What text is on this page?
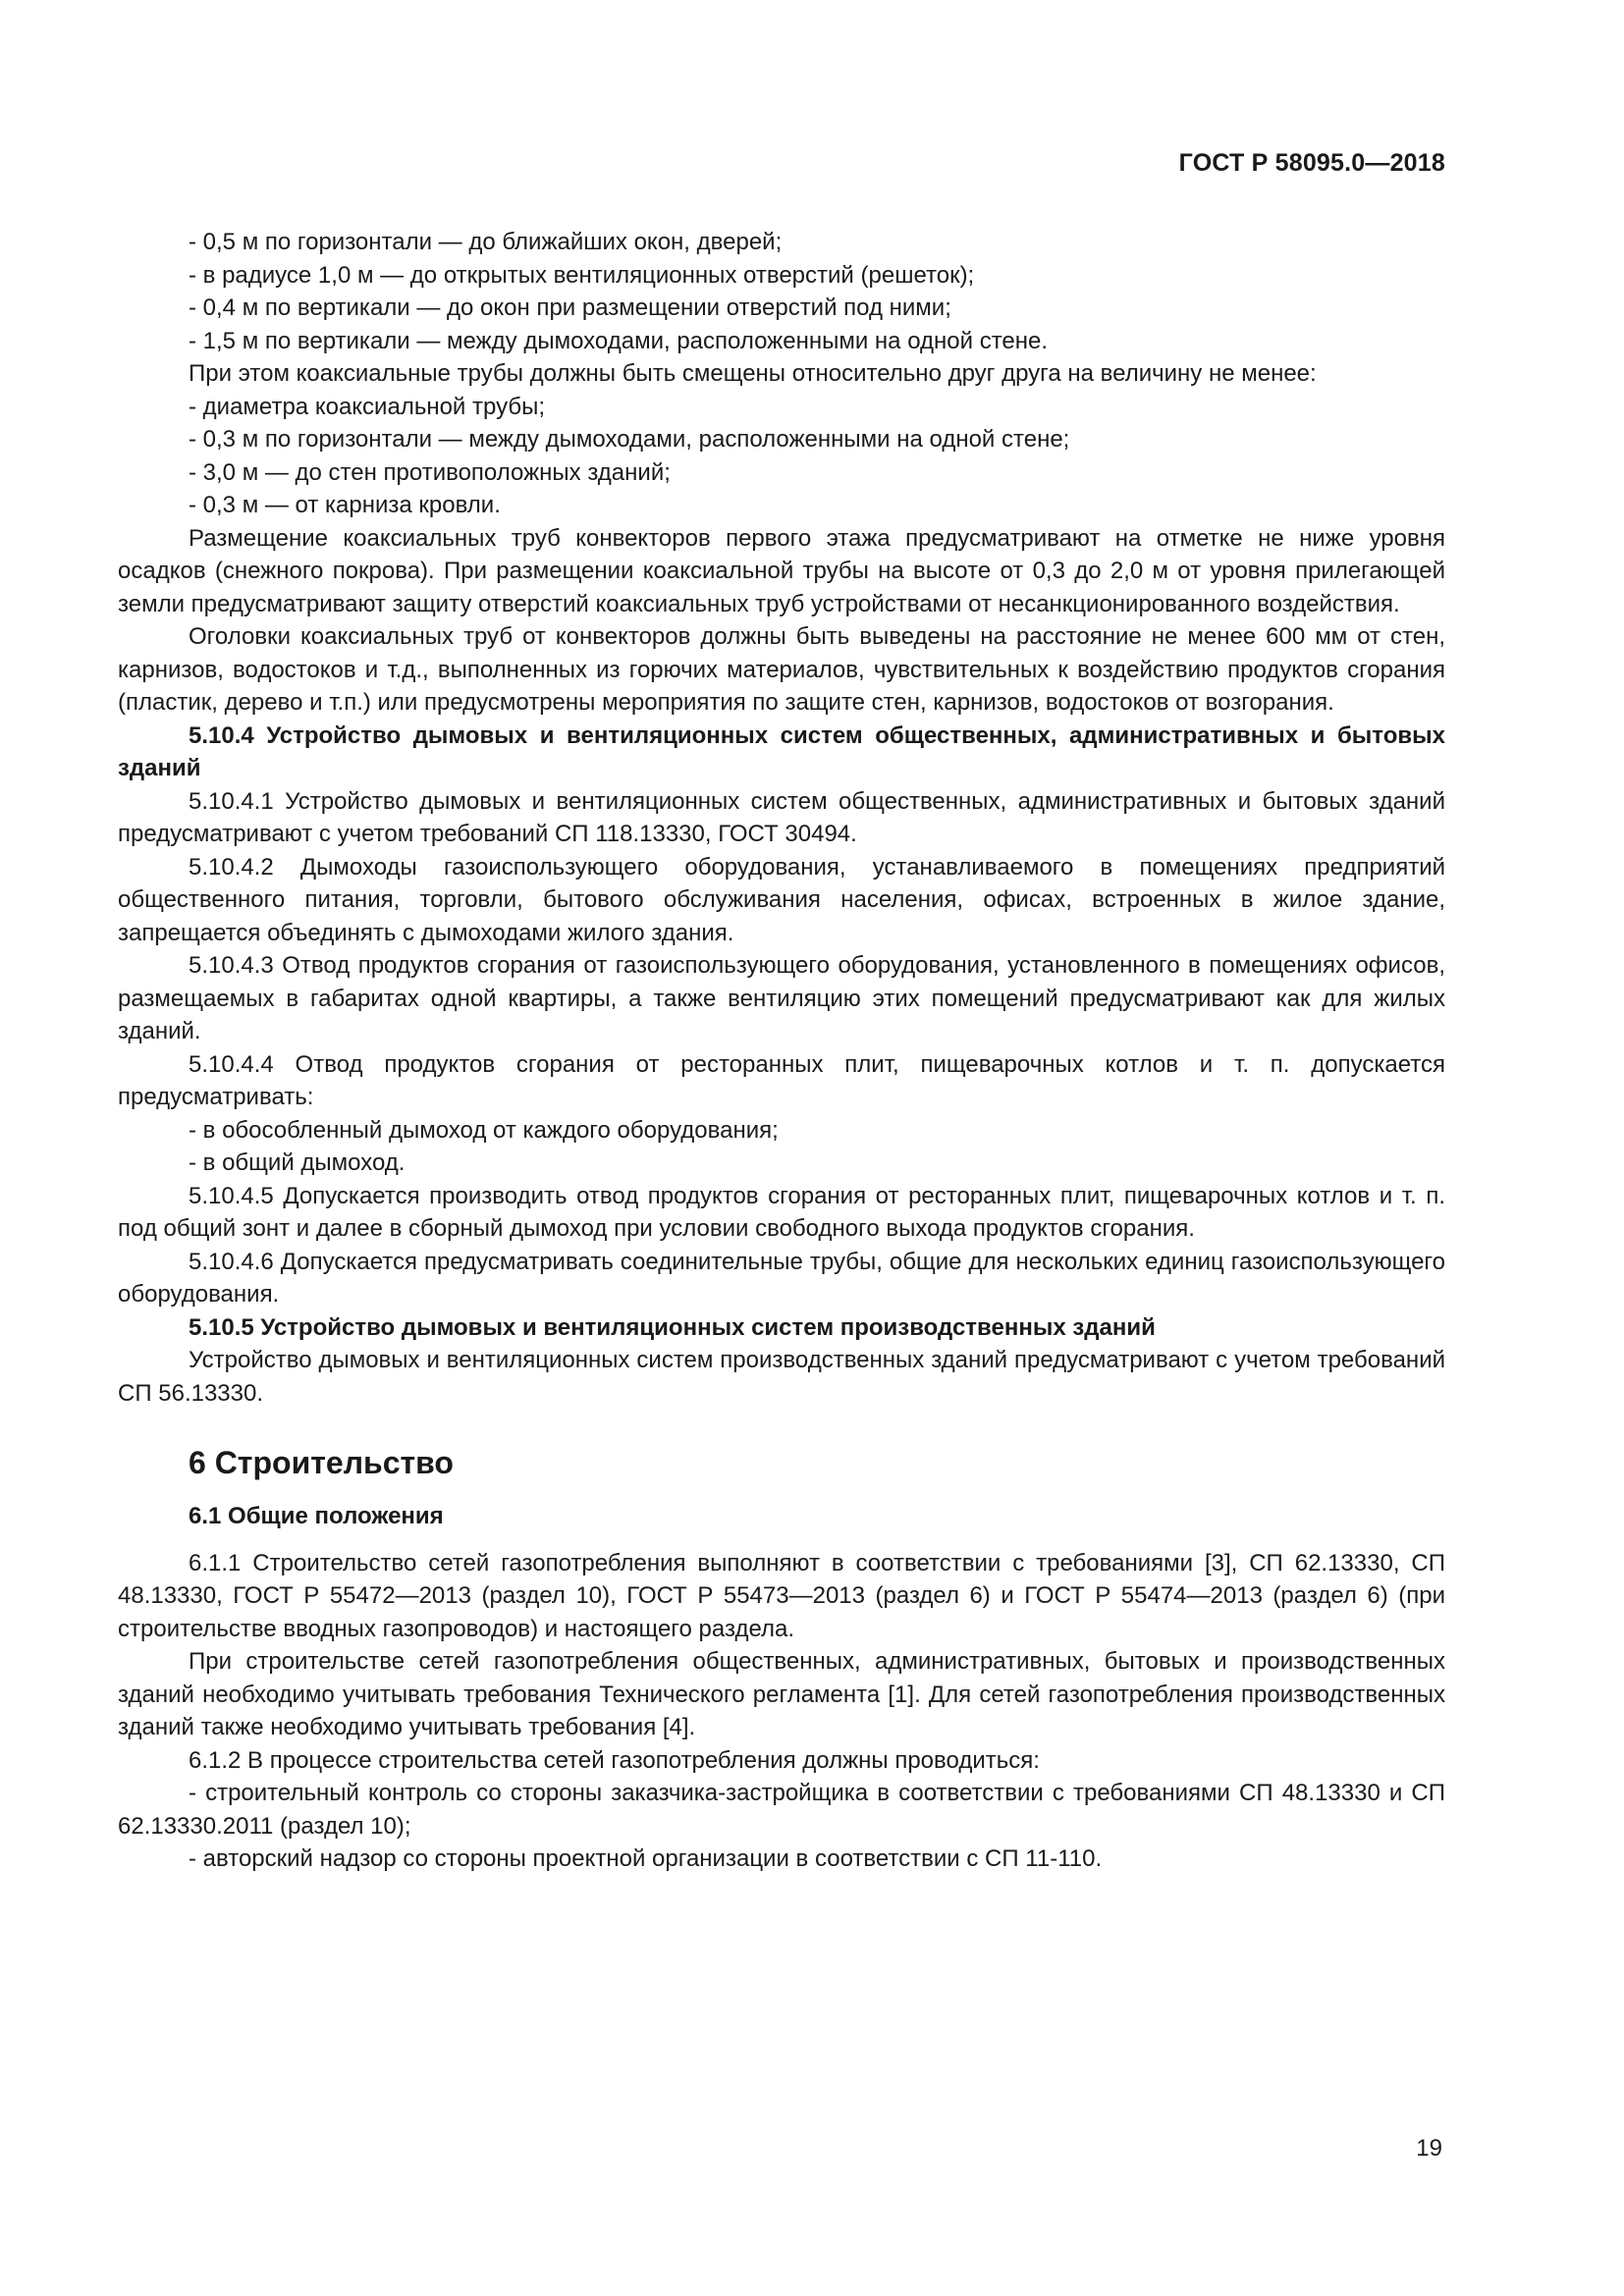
ГОСТ Р 58095.0—2018

- 0,5 м по горизонтали — до ближайших окон, дверей;

- в радиусе 1,0 м — до открытых вентиляционных отверстий (решеток);

- 0,4 м по вертикали — до окон при размещении отверстий под ними;

- 1,5 м по вертикали — между дымоходами, расположенными на одной стене.

При этом коаксиальные трубы должны быть смещены относительно друг друга на величину не менее:

- диаметра коаксиальной трубы;

- 0,3 м по горизонтали — между дымоходами, расположенными на одной стене;

- 3,0 м — до стен противоположных зданий;

- 0,3 м — от карниза кровли.

Размещение коаксиальных труб конвекторов первого этажа предусматривают на отметке не ниже уровня осадков (снежного покрова). При размещении коаксиальной трубы на высоте от 0,3 до 2,0 м от уровня прилегающей земли предусматривают защиту отверстий коаксиальных труб устройствами от несанкционированного воздействия.

Оголовки коаксиальных труб от конвекторов должны быть выведены на расстояние не менее 600 мм от стен, карнизов, водостоков и т.д., выполненных из горючих материалов, чувствительных к воздействию продуктов сгорания (пластик, дерево и т.п.) или предусмотрены мероприятия по защите стен, карнизов, водостоков от возгорания.

5.10.4 Устройство дымовых и вентиляционных систем общественных, административных и бытовых зданий

5.10.4.1 Устройство дымовых и вентиляционных систем общественных, административных и бытовых зданий предусматривают с учетом требований СП 118.13330, ГОСТ 30494.

5.10.4.2 Дымоходы газоиспользующего оборудования, устанавливаемого в помещениях предприятий общественного питания, торговли, бытового обслуживания населения, офисах, встроенных в жилое здание, запрещается объединять с дымоходами жилого здания.

5.10.4.3 Отвод продуктов сгорания от газоиспользующего оборудования, установленного в помещениях офисов, размещаемых в габаритах одной квартиры, а также вентиляцию этих помещений предусматривают как для жилых зданий.

5.10.4.4 Отвод продуктов сгорания от ресторанных плит, пищеварочных котлов и т. п. допускается предусматривать:

- в обособленный дымоход от каждого оборудования;

- в общий дымоход.

5.10.4.5 Допускается производить отвод продуктов сгорания от ресторанных плит, пищеварочных котлов и т. п. под общий зонт и далее в сборный дымоход при условии свободного выхода продуктов сгорания.

5.10.4.6 Допускается предусматривать соединительные трубы, общие для нескольких единиц газоиспользующего оборудования.

5.10.5 Устройство дымовых и вентиляционных систем производственных зданий

Устройство дымовых и вентиляционных систем производственных зданий предусматривают с учетом требований СП 56.13330.

6 Строительство
6.1 Общие положения

6.1.1 Строительство сетей газопотребления выполняют в соответствии с требованиями [3], СП 62.13330, СП 48.13330, ГОСТ Р 55472—2013 (раздел 10), ГОСТ Р 55473—2013 (раздел 6) и ГОСТ Р 55474—2013 (раздел 6) (при строительстве вводных газопроводов) и настоящего раздела.

При строительстве сетей газопотребления общественных, административных, бытовых и производственных зданий необходимо учитывать требования Технического регламента [1]. Для сетей газопотребления производственных зданий также необходимо учитывать требования [4].

6.1.2 В процессе строительства сетей газопотребления должны проводиться:

- строительный контроль со стороны заказчика-застройщика в соответствии с требованиями СП 48.13330 и СП 62.13330.2011 (раздел 10);

- авторский надзор со стороны проектной организации в соответствии с СП 11-110.

19
